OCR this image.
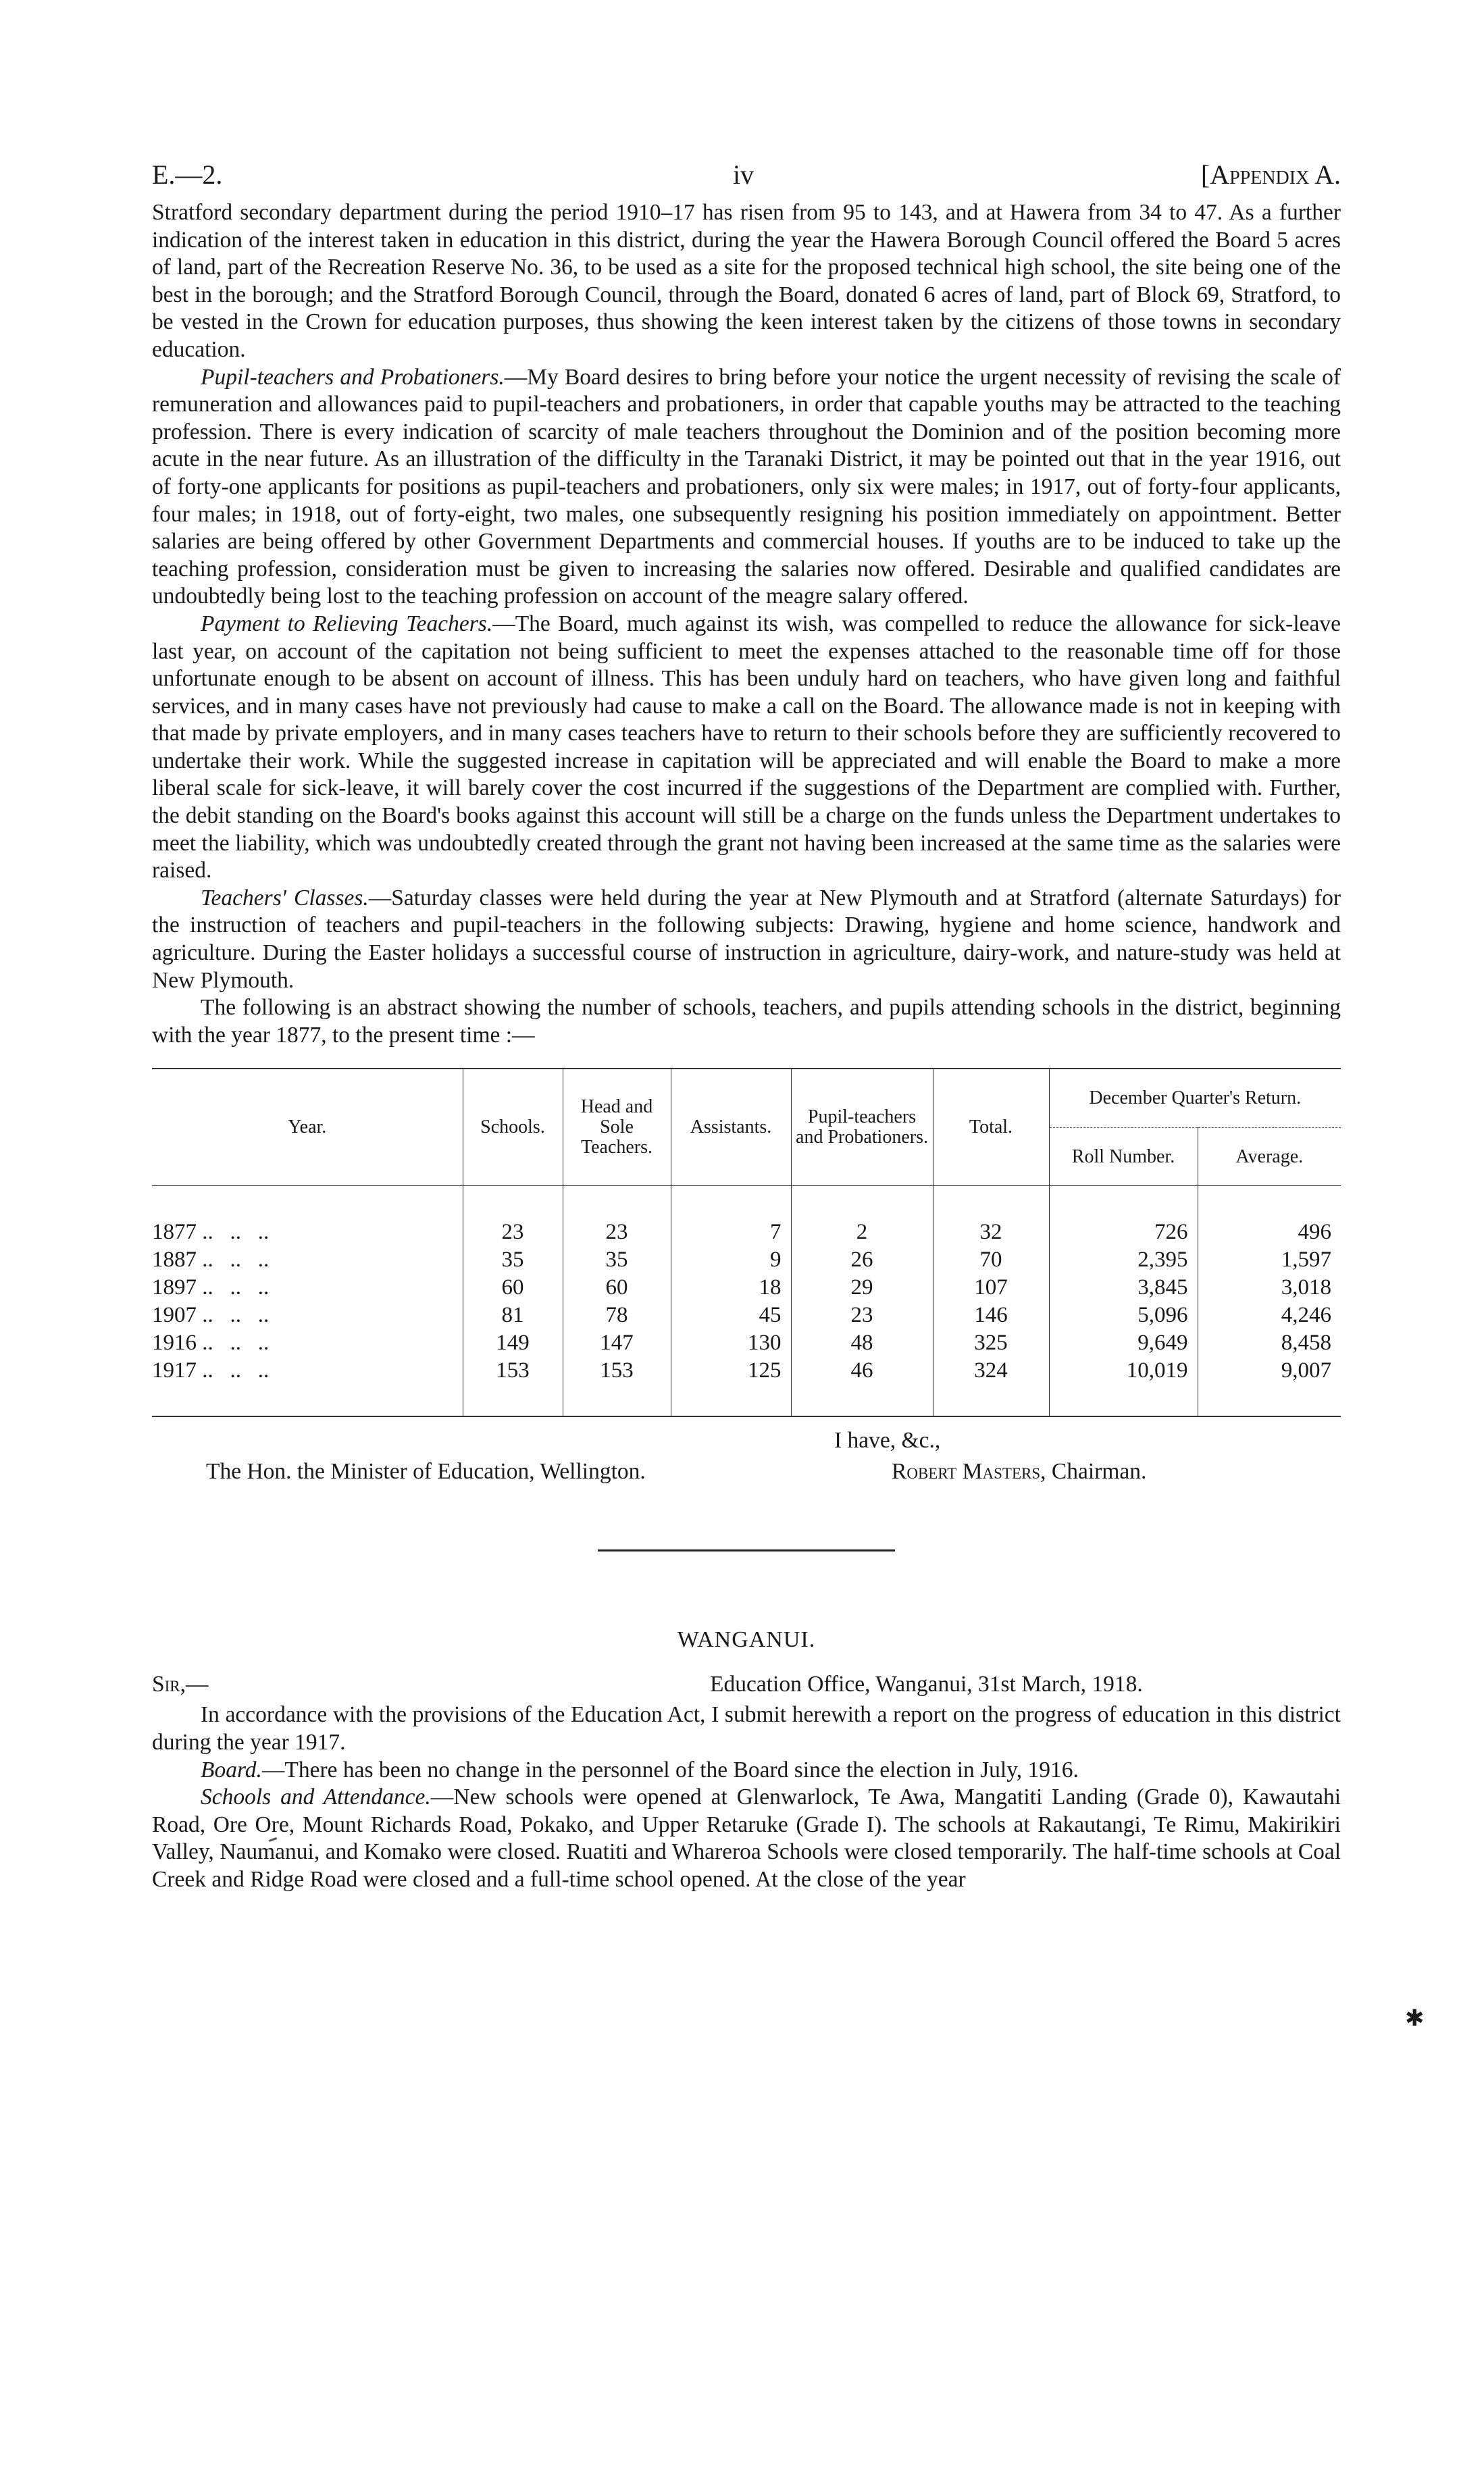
E.—2.	iv	[Appendix A.

Stratford secondary department during the period 1910–17 has risen from 95 to 143, and at Hawera from 34 to 47. As a further indication of the interest taken in education in this district, during the year the Hawera Borough Council offered the Board 5 acres of land, part of the Recreation Reserve No. 36, to be used as a site for the proposed technical high school, the site being one of the best in the borough; and the Stratford Borough Council, through the Board, donated 6 acres of land, part of Block 69, Stratford, to be vested in the Crown for education purposes, thus showing the keen interest taken by the citizens of those towns in secondary education.

Pupil-teachers and Probationers.—My Board desires to bring before your notice the urgent necessity of revising the scale of remuneration and allowances paid to pupil-teachers and probationers, in order that capable youths may be attracted to the teaching profession. There is every indication of scarcity of male teachers throughout the Dominion and of the position becoming more acute in the near future. As an illustration of the difficulty in the Taranaki District, it may be pointed out that in the year 1916, out of forty-one applicants for positions as pupil-teachers and probationers, only six were males; in 1917, out of forty-four applicants, four males; in 1918, out of forty-eight, two males, one subsequently resigning his position immediately on appointment. Better salaries are being offered by other Government Departments and commercial houses. If youths are to be induced to take up the teaching profession, consideration must be given to increasing the salaries now offered. Desirable and qualified candidates are undoubtedly being lost to the teaching profession on account of the meagre salary offered.

Payment to Relieving Teachers.—The Board, much against its wish, was compelled to reduce the allowance for sick-leave last year, on account of the capitation not being sufficient to meet the expenses attached to the reasonable time off for those unfortunate enough to be absent on account of illness. This has been unduly hard on teachers, who have given long and faithful services, and in many cases have not previously had cause to make a call on the Board. The allowance made is not in keeping with that made by private employers, and in many cases teachers have to return to their schools before they are sufficiently recovered to undertake their work. While the suggested increase in capitation will be appreciated and will enable the Board to make a more liberal scale for sick-leave, it will barely cover the cost incurred if the suggestions of the Department are complied with. Further, the debit standing on the Board's books against this account will still be a charge on the funds unless the Department undertakes to meet the liability, which was undoubtedly created through the grant not having been increased at the same time as the salaries were raised.

Teachers' Classes.—Saturday classes were held during the year at New Plymouth and at Stratford (alternate Saturdays) for the instruction of teachers and pupil-teachers in the following subjects: Drawing, hygiene and home science, handwork and agriculture. During the Easter holidays a successful course of instruction in agriculture, dairy-work, and nature-study was held at New Plymouth.

The following is an abstract showing the number of schools, teachers, and pupils attending schools in the district, beginning with the year 1877, to the present time :—

Year.	Schools.	Head and Sole Teachers.	Assistants.	Pupil-teachers and Probationers.	Total.	December Quarter's Return.	
						Roll Number.	Average.
1877 ..   ..   ..	23	23	7	2	32	726	496
1887 ..   ..   ..	35	35	9	26	70	2,395	1,597
1897 ..   ..   ..	60	60	18	29	107	3,845	3,018
1907 ..   ..   ..	81	78	45	23	146	5,096	4,246
1916 ..   ..   ..	149	147	130	48	325	9,649	8,458
1917 ..   ..   ..	153	153	125	46	324	10,019	9,007
I have, &c.,
The Hon. the Minister of Education, Wellington.	Robert Masters, Chairman.
WANGANUI.
Sir,—	Education Office, Wanganui, 31st March, 1918.

In accordance with the provisions of the Education Act, I submit herewith a report on the progress of education in this district during the year 1917.

Board.—There has been no change in the personnel of the Board since the election in July, 1916.

Schools and Attendance.—New schools were opened at Glenwarlock, Te Awa, Mangatiti Landing (Grade 0), Kawautahi Road, Ore Ore, Mount Richards Road, Pokako, and Upper Retaruke (Grade I). The schools at Rakautangi, Te Rimu, Makirikiri Valley, Naumanui, and Komako were closed. Ruatiti and Whareroa Schools were closed temporarily. The half-time schools at Coal Creek and Ridge Road were closed and a full-time school opened. At the close of the year

✱
